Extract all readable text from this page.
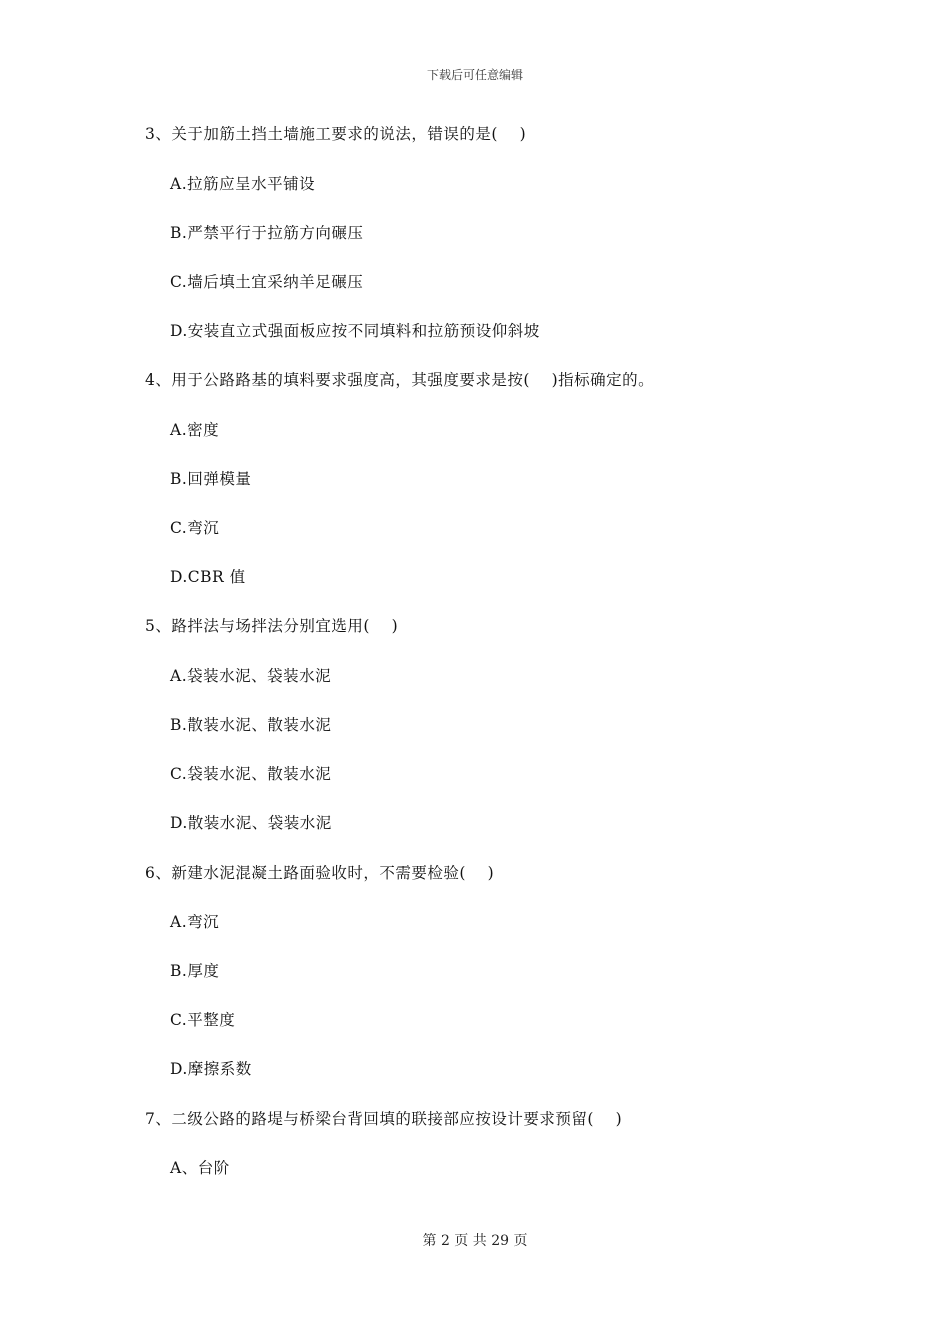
下载后可任意编辑
3、关于加筋土挡土墙施工要求的说法，错误的是(    )
A.拉筋应呈水平铺设
B.严禁平行于拉筋方向碾压
C.墙后填土宜采纳羊足碾压
D.安装直立式强面板应按不同填料和拉筋预设仰斜坡
4、用于公路路基的填料要求强度高，其强度要求是按(    )指标确定的。
A.密度
B.回弹模量
C.弯沉
D.CBR 值
5、路拌法与场拌法分别宜选用(    )
A.袋装水泥、袋装水泥
B.散装水泥、散装水泥
C.袋装水泥、散装水泥
D.散装水泥、袋装水泥
6、新建水泥混凝土路面验收时，不需要检验(    )
A.弯沉
B.厚度
C.平整度
D.摩擦系数
7、二级公路的路堤与桥梁台背回填的联接部应按设计要求预留(    )
A、台阶
第 2 页 共 29 页
